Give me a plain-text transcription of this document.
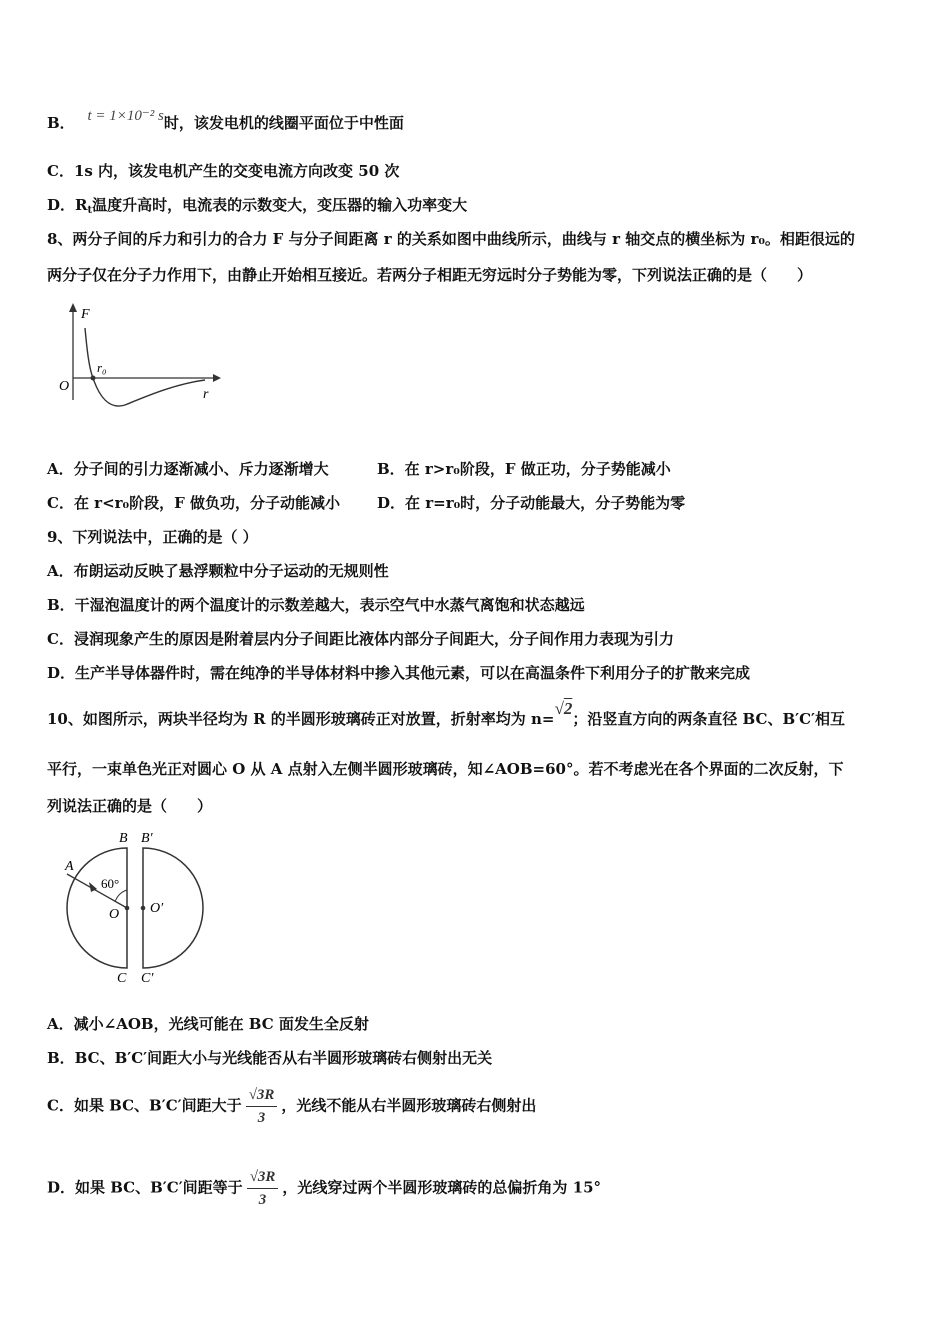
B． t = 1×10⁻² s时，该发电机的线圈平面位于中性面
C．1s 内，该发电机产生的交变电流方向改变 50 次
D．$R_t$温度升高时，电流表的示数变大，变压器的输入功率变大
8、两分子间的斥力和引力的合力 F 与分子间距离 r 的关系如图中曲线所示，曲线与 r 轴交点的横坐标为 r₀。相距很远的
两分子仅在分子力作用下，由静止开始相互接近。若两分子相距无穷远时分子势能为零，下列说法正确的是（　　）
F
O
r₀
r
A．分子间的引力逐渐减小、斥力逐渐增大	B．在 r>r₀阶段，F 做正功，分子势能减小
C．在 r<r₀阶段，F 做负功，分子动能减小 D．在 r=r₀时，分子动能最大，分子势能为零
9、下列说法中，正确的是（ ）
A．布朗运动反映了悬浮颗粒中分子运动的无规则性
B．干湿泡温度计的两个温度计的示数差越大，表示空气中水蒸气离饱和状态越远
C．浸润现象产生的原因是附着层内分子间距比液体内部分子间距大，分子间作用力表现为引力
D．生产半导体器件时，需在纯净的半导体材料中掺入其他元素，可以在高温条件下利用分子的扩散来完成
10、如图所示，两块半径均为 R 的半圆形玻璃砖正对放置，折射率均为 n=√2；沿竖直方向的两条直径 BC、B′C′相互
平行，一束单色光正对圆心 O 从 A 点射入左侧半圆形玻璃砖，知∠AOB=60°。若不考虑光在各个界面的二次反射，下
列说法正确的是（　　）
A
B B′
60°
O O′
C C′
A．减小∠AOB，光线可能在 BC 面发生全反射
B．BC、B′C′间距大小与光线能否从右半圆形玻璃砖右侧射出无关
C．如果 BC、B′C′间距大于 $\frac{√3R}{3}$ ，光线不能从右半圆形玻璃砖右侧射出
D．如果 BC、B′C′间距等于 $\frac{√3R}{3}$ ，光线穿过两个半圆形玻璃砖的总偏折角为 15°
